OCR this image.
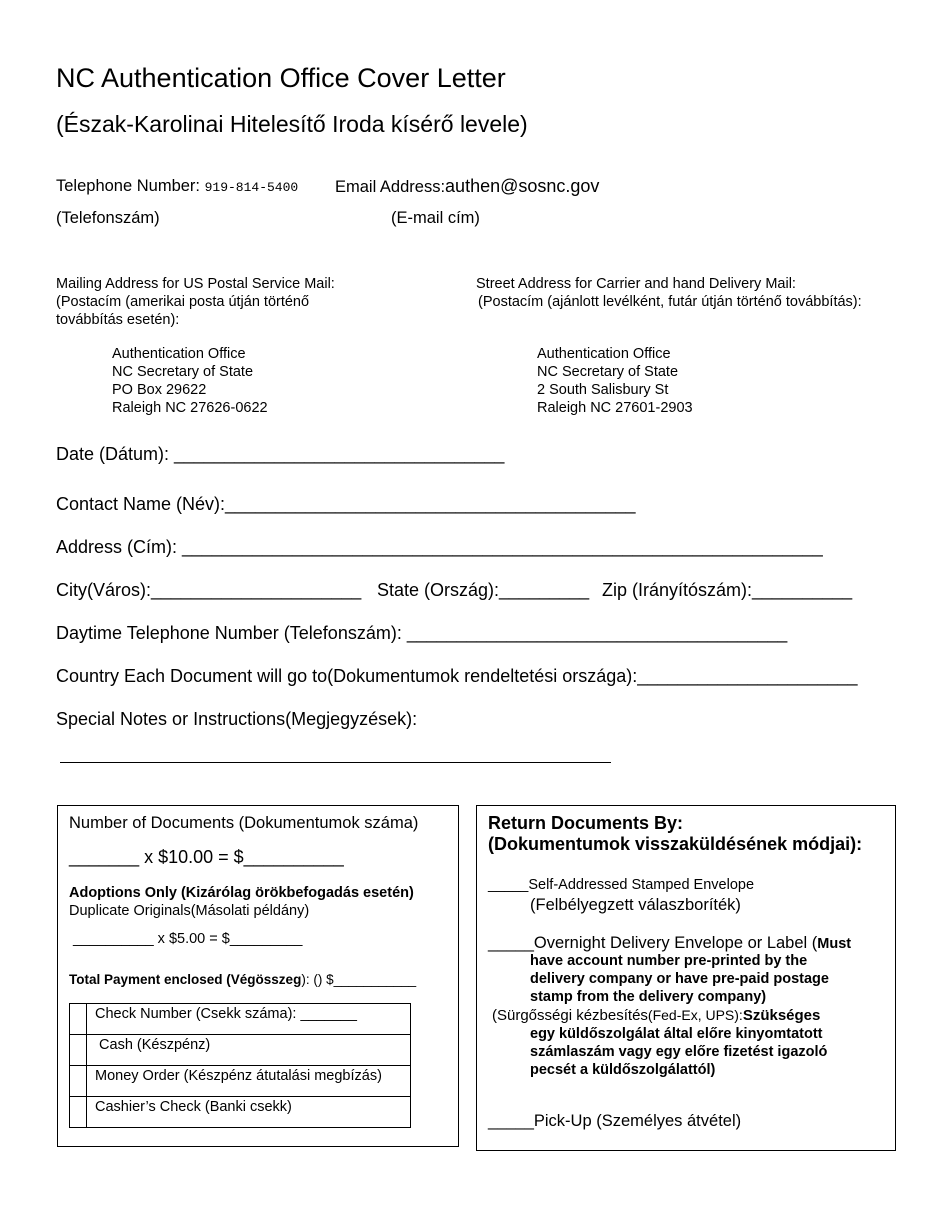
NC Authentication Office Cover Letter
(Észak-Karolinai Hitelesítő Iroda kísérő levele)
Telephone Number: 919-814-5400 Email Address:authen@sosnc.gov
(Telefonszám)	(E-mail cím)
Mailing Address for US Postal Service Mail:
(Postacím (amerikai posta útján történő
továbbítás esetén):
Authentication Office
NC Secretary of State
PO Box 29622
Raleigh NC 27626-0622
Street Address for Carrier and hand Delivery Mail:
(Postacím (ajánlott levélként, futár útján történő továbbítás):
Authentication Office
NC Secretary of State
2 South Salisbury St
Raleigh NC 27601-2903
Date (Dátum): _________________________________
Contact Name (Név):_________________________________________
Address (Cím): ________________________________________________________________
City(Város):_____________________ State (Ország):_________ Zip (Irányítószám):__________
Daytime Telephone Number (Telefonszám): ______________________________________
Country Each Document will go to(Dokumentumok rendeltetési országa):______________________
Special Notes or Instructions(Megjegyzések):
Number of Documents (Dokumentumok száma)
_______ x $10.00 = $__________
Adoptions Only (Kizárólag örökbefogadás esetén)
Duplicate Originals(Másolati példány)
__________ x $5.00 = $_________
Total Payment enclosed (Végösszeg): () $___________
	Check Number (Csekk száma): _______
	Cash (Készpénz)
	Money Order (Készpénz átutalási megbízás)
	Cashier’s Check (Banki csekk)
Return Documents By:
(Dokumentumok visszaküldésének módjai):
_____Self-Addressed Stamped Envelope
(Felbélyegzett válaszboríték)
_____Overnight Delivery Envelope or Label (Must
have account number pre-printed by the
delivery company or have pre-paid postage
stamp from the delivery company)
(Sürgősségi kézbesítés(Fed-Ex, UPS):Szükséges
egy küldőszolgálat által előre kinyomtatott
számlaszám vagy egy előre fizetést igazoló
pecsét a küldőszolgálattól)
_____Pick-Up (Személyes átvétel)
